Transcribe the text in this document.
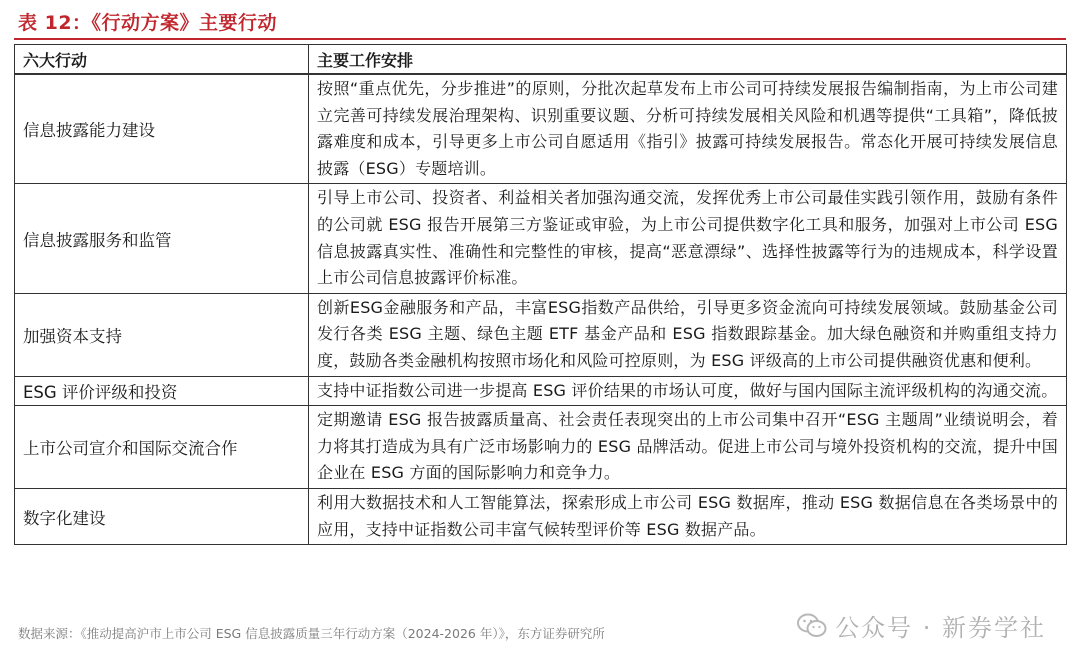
表 12：《行动方案》主要行动
六大行动	主要工作安排
信息披露能力建设	按照“重点优先，分步推进”的原则，分批次起草发布上市公司可持续发展报告编制指南，为上市公司建立完善可持续发展治理架构、识别重要议题、分析可持续发展相关风险和机遇等提供“工具箱”，降低披露难度和成本，引导更多上市公司自愿适用《指引》披露可持续发展报告。常态化开展可持续发展信息披露（ESG）专题培训。
信息披露服务和监管	引导上市公司、投资者、利益相关者加强沟通交流，发挥优秀上市公司最佳实践引领作用，鼓励有条件的公司就 ESG 报告开展第三方鉴证或审验，为上市公司提供数字化工具和服务，加强对上市公司 ESG 信息披露真实性、准确性和完整性的审核，提高“恶意漂绿”、选择性披露等行为的违规成本，科学设置上市公司信息披露评价标准。
加强资本支持	创新ESG金融服务和产品，丰富ESG指数产品供给，引导更多资金流向可持续发展领域。鼓励基金公司发行各类 ESG 主题、绿色主题 ETF 基金产品和 ESG 指数跟踪基金。加大绿色融资和并购重组支持力度，鼓励各类金融机构按照市场化和风险可控原则，为 ESG 评级高的上市公司提供融资优惠和便利。
ESG 评价评级和投资	支持中证指数公司进一步提高 ESG 评价结果的市场认可度，做好与国内国际主流评级机构的沟通交流。
上市公司宣介和国际交流合作	定期邀请 ESG 报告披露质量高、社会责任表现突出的上市公司集中召开“ESG 主题周”业绩说明会，着力将其打造成为具有广泛市场影响力的 ESG 品牌活动。促进上市公司与境外投资机构的交流，提升中国企业在 ESG 方面的国际影响力和竞争力。
数字化建设	利用大数据技术和人工智能算法，探索形成上市公司 ESG 数据库，推动 ESG 数据信息在各类场景中的应用，支持中证指数公司丰富气候转型评价等 ESG 数据产品。
数据来源：《推动提高沪市上市公司 ESG 信息披露质量三年行动方案（2024-2026 年）》，东方证券研究所	公众号 · 新券学社
